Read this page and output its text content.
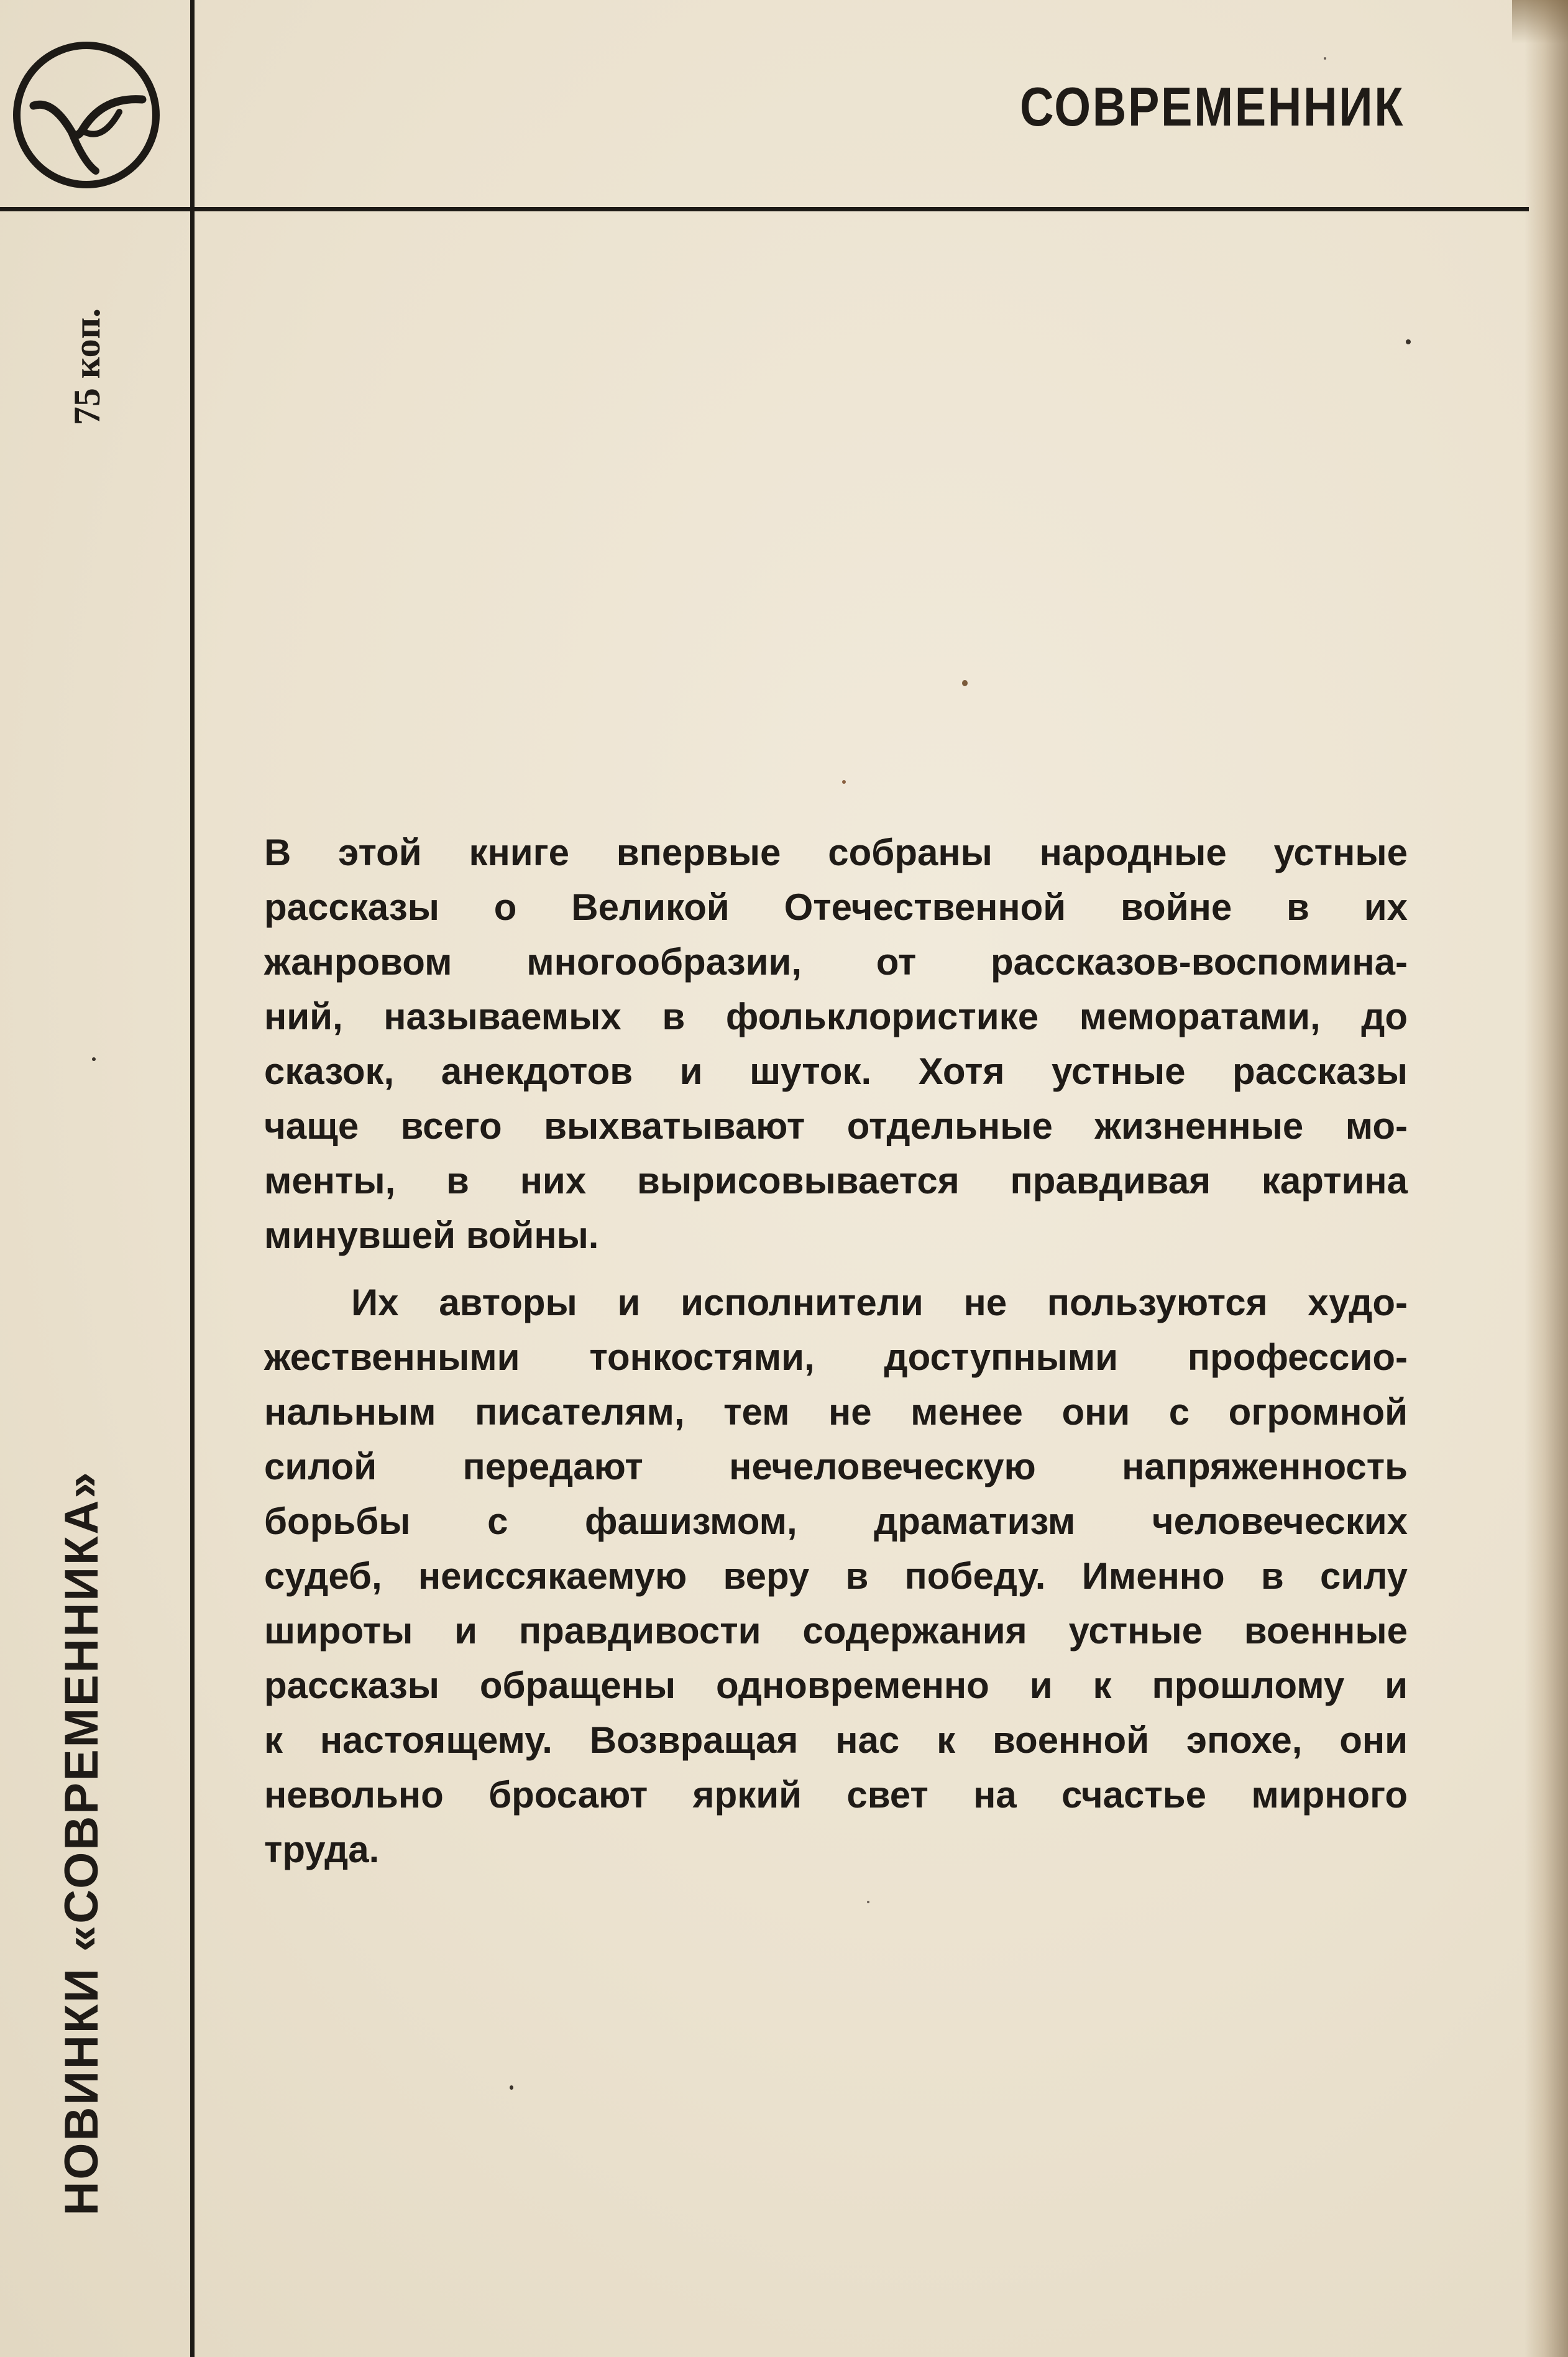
СОВРЕМЕННИК
75 коп.
НОВИНКИ «СОВРЕМЕННИКА»
В этой книге впервые собраны народные устные
рассказы о Великой Отечественной войне в их
жанровом многообразии, от рассказов-воспомина-
ний, называемых в фольклористике меморатами, до
сказок, анекдотов и шуток. Хотя устные рассказы
чаще всего выхватывают отдельные жизненные мо-
менты, в них вырисовывается правдивая картина
минувшей войны.
Их авторы и исполнители не пользуются худо-
жественными тонкостями, доступными профессио-
нальным писателям, тем не менее они с огромной
силой передают нечеловеческую напряженность
борьбы с фашизмом, драматизм человеческих
судеб, неиссякаемую веру в победу. Именно в силу
широты и правдивости содержания устные военные
рассказы обращены одновременно и к прошлому и
к настоящему. Возвращая нас к военной эпохе, они
невольно бросают яркий свет на счастье мирного
труда.
